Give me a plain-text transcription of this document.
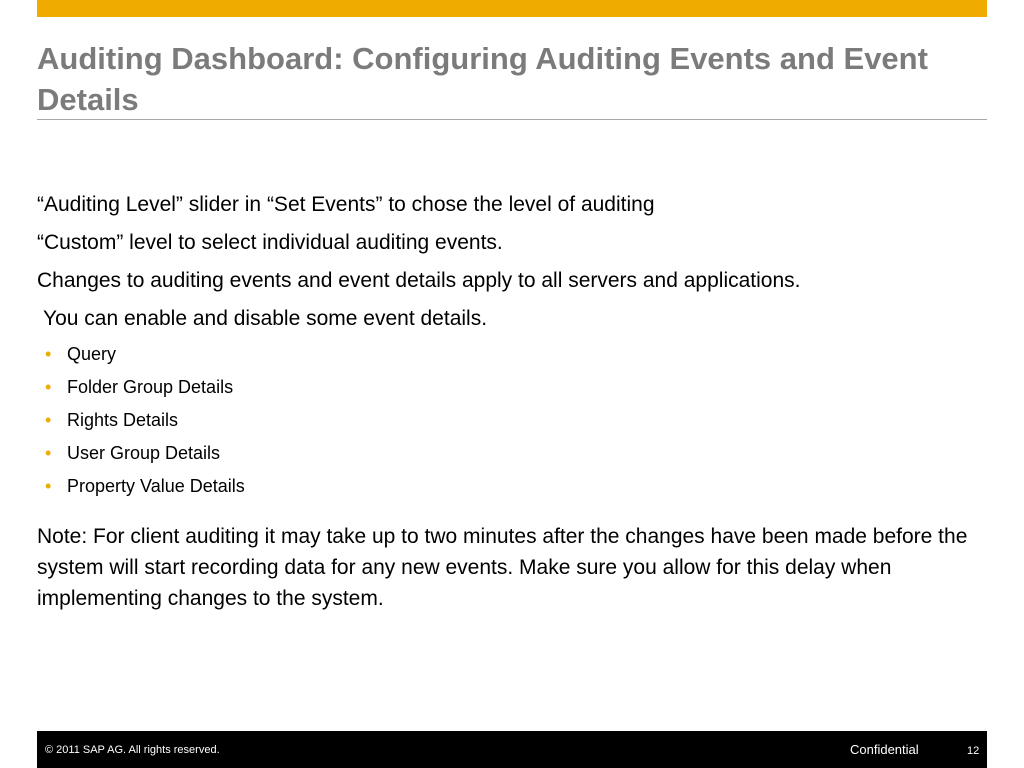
Auditing Dashboard: Configuring Auditing Events and Event Details
“Auditing Level” slider in “Set Events” to chose the level of auditing
“Custom” level to select individual auditing events.
Changes to auditing events and event details apply to all servers and applications.
You can enable and disable some event details.
• Query
• Folder Group Details
• Rights Details
• User Group Details
• Property Value Details

Note: For client auditing it may take up to two minutes after the changes have been made before the system will start recording data for any new events. Make sure you allow for this delay when implementing changes to the system.

© 2011 SAP AG. All rights reserved.	Confidential	12
